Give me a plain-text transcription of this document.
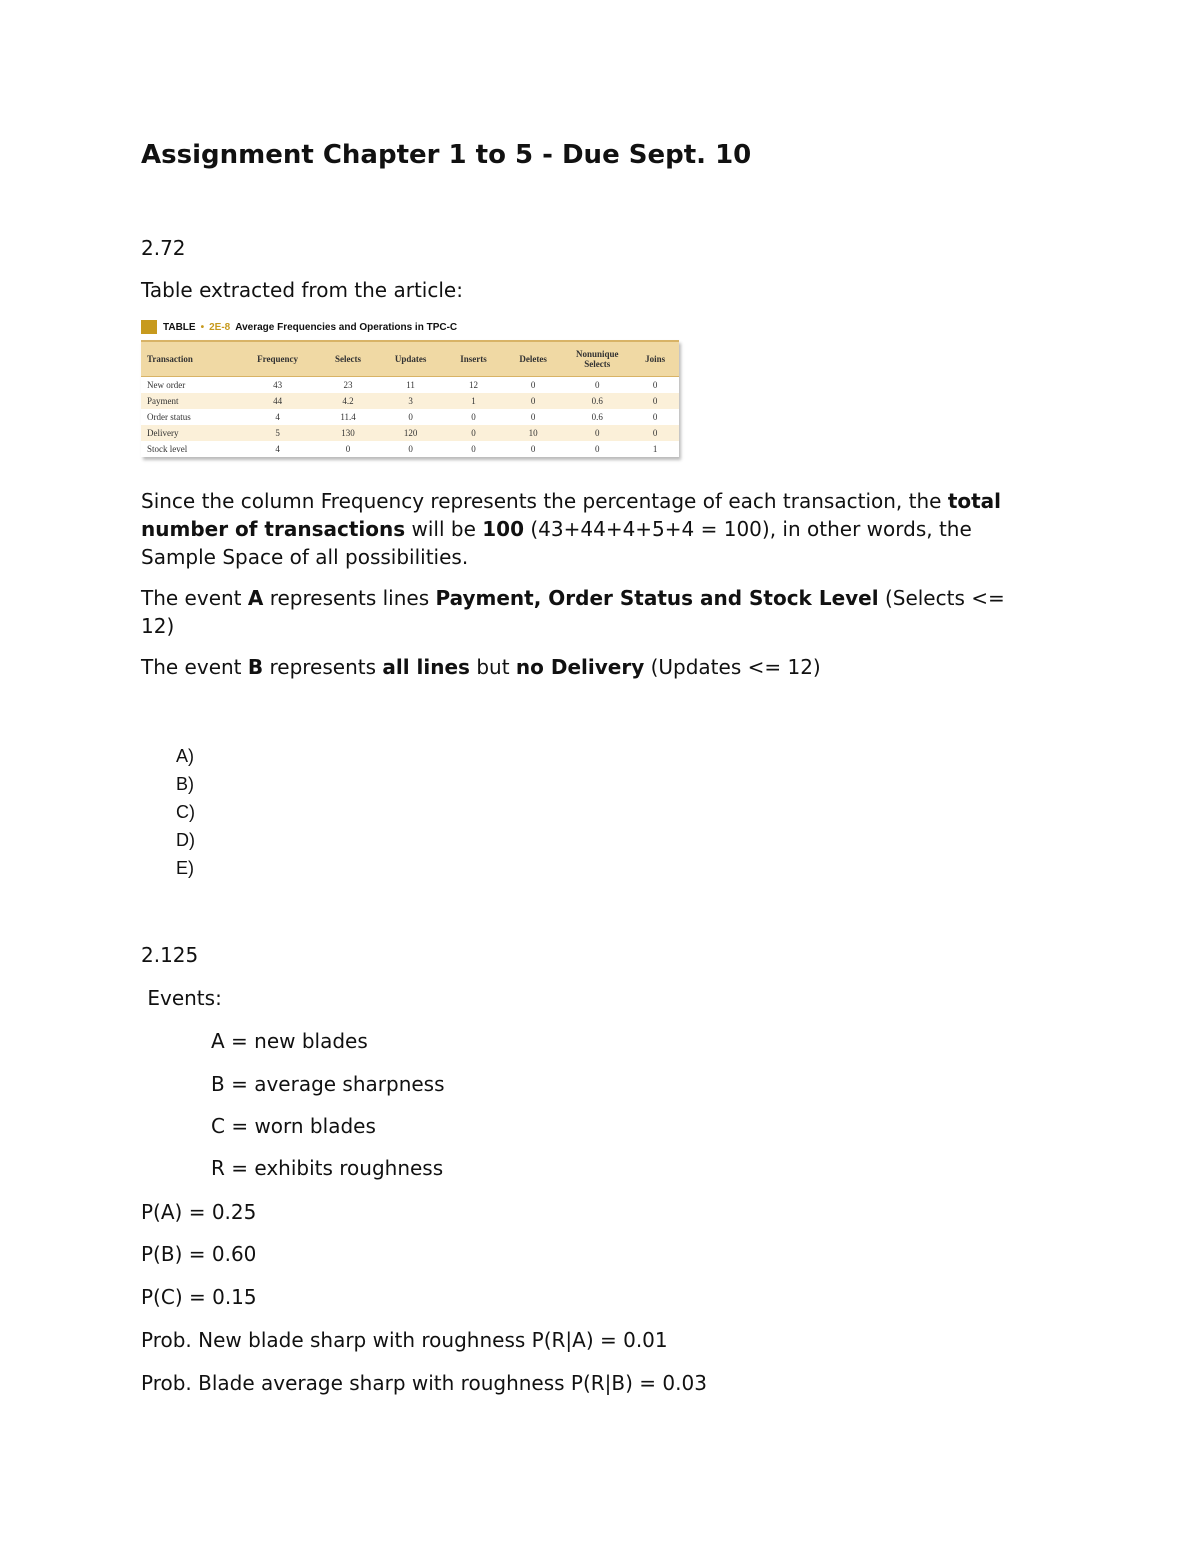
Assignment Chapter 1 to 5 - Due Sept. 10
2.72
Table extracted from the article:
TABLE • 2E-8 Average Frequencies and Operations in TPC-C
Transaction	Frequency	Selects	Updates	Inserts	Deletes	Nonunique Selects	Joins
New order	43	23	11	12	0	0	0
Payment	44	4.2	3	1	0	0.6	0
Order status	4	11.4	0	0	0	0.6	0
Delivery	5	130	120	0	10	0	0
Stock level	4	0	0	0	0	0	1
Since the column Frequency represents the percentage of each transaction, the total number of transactions will be 100 (43+44+4+5+4 = 100), in other words, the Sample Space of all possibilities.
The event A represents lines Payment, Order Status and Stock Level (Selects <= 12)
The event B represents all lines but no Delivery (Updates <= 12)
A)
B)
C)
D)
E)
2.125
Events:
A = new blades
B = average sharpness
C = worn blades
R = exhibits roughness
P(A) = 0.25
P(B) = 0.60
P(C) = 0.15
Prob. New blade sharp with roughness P(R|A) = 0.01
Prob. Blade average sharp with roughness P(R|B) = 0.03
